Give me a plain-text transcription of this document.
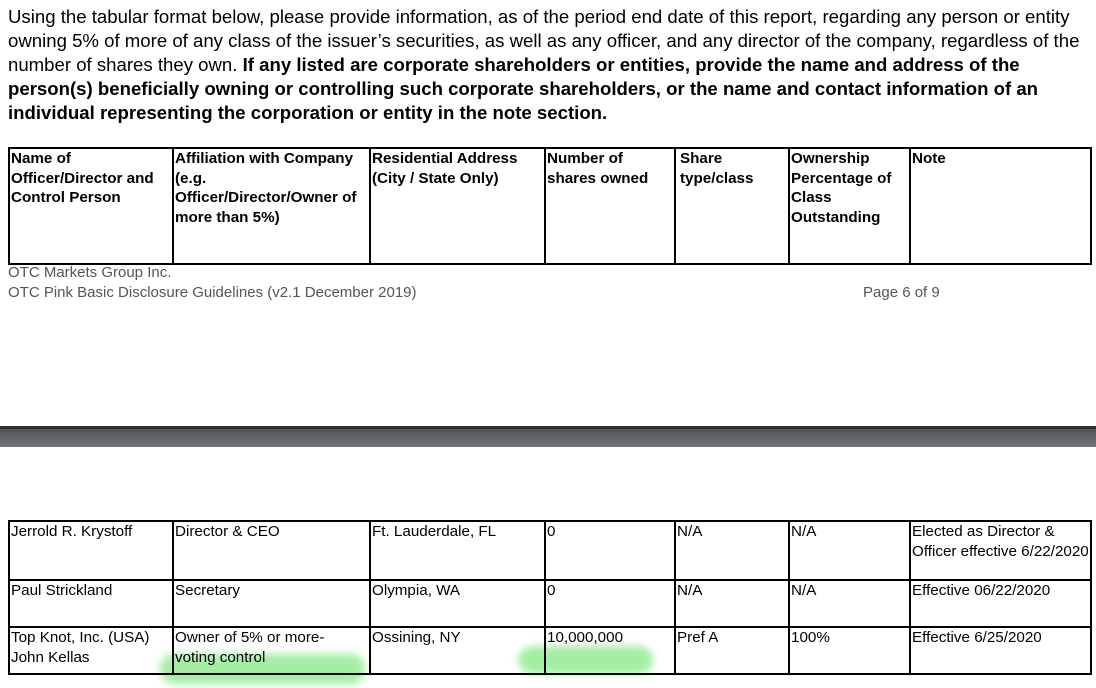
Using the tabular format below, please provide information, as of the period end date of this report, regarding any person or entity owning 5% of more of any class of the issuer’s securities, as well as any officer, and any director of the company, regardless of the number of shares they own. If any listed are corporate shareholders or entities, provide the name and address of the person(s) beneficially owning or controlling such corporate shareholders, or the name and contact information of an individual representing the corporation or entity in the note section.
Name of Officer/Director and Control Person	Affiliation with Company (e.g. Officer/Director/Owner of more than 5%)	Residential Address (City / State Only)	Number of shares owned	Share type/class	Ownership Percentage of Class Outstanding	Note
OTC Markets Group Inc.
OTC Pink Basic Disclosure Guidelines (v2.1 December 2019)	Page 6 of 9
Jerrold R. Krystoff	Director & CEO	Ft. Lauderdale, FL	0	N/A	N/A	Elected as Director & Officer effective 6/22/2020
Paul Strickland	Secretary	Olympia, WA	0	N/A	N/A	Effective 06/22/2020
Top Knot, Inc. (USA) John Kellas	Owner of 5% or more- voting control	Ossining, NY	10,000,000	Pref A	100%	Effective 6/25/2020
